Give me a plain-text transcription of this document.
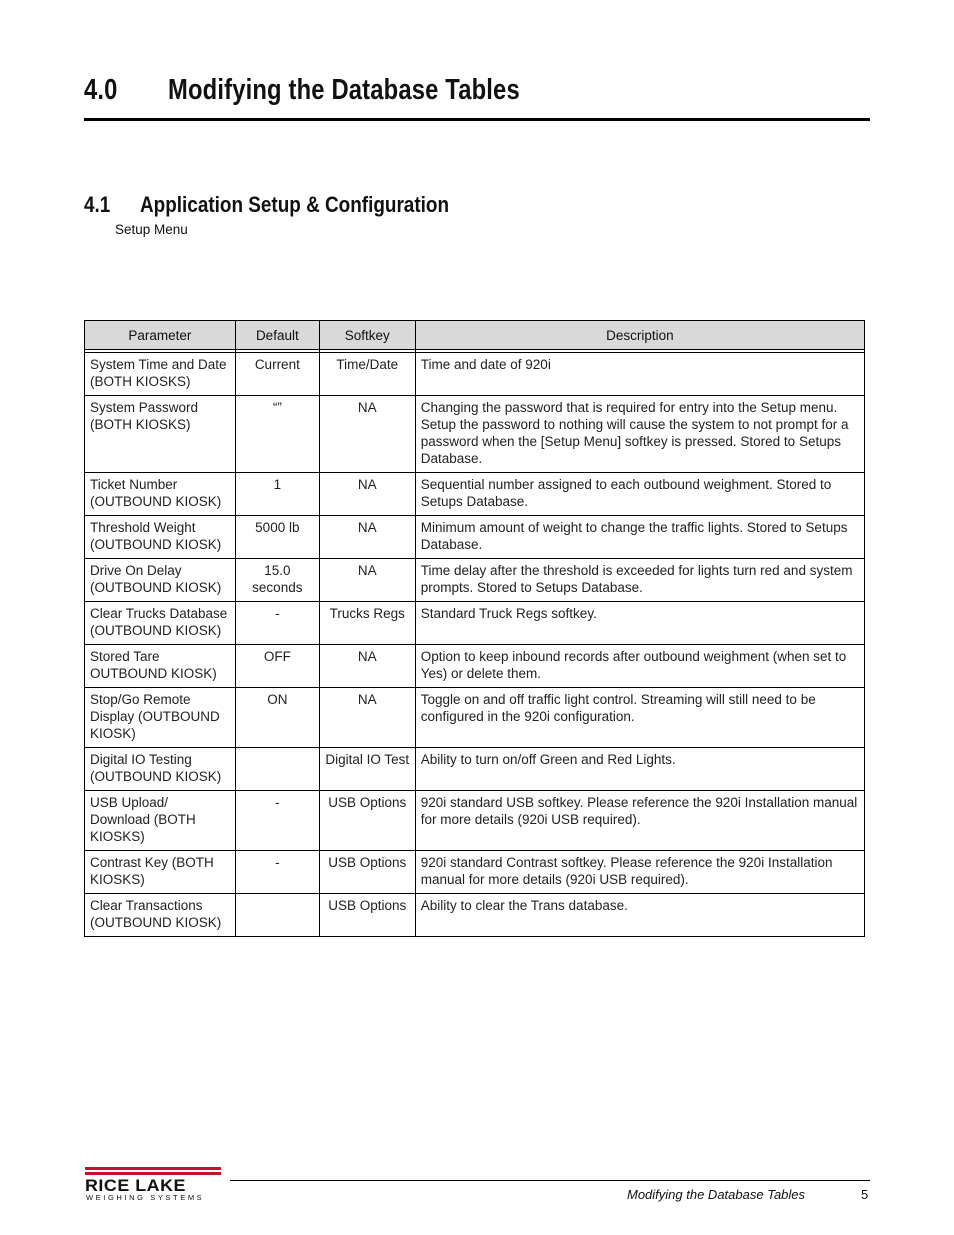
4.0 Modifying the Database Tables
4.1 Application Setup & Configuration
Setup Menu
Parameter	Default	Softkey	Description

System Time and Date (BOTH KIOSKS)	Current	Time/Date	Time and date of 920i
System Password (BOTH KIOSKS)	“”	NA	Changing the password that is required for entry into the Setup menu. Setup the password to nothing will cause the system to not prompt for a password when the [Setup Menu] softkey is pressed. Stored to Setups Database.
Ticket Number (OUTBOUND KIOSK)	1	NA	Sequential number assigned to each outbound weighment. Stored to Setups Database.
Threshold Weight (OUTBOUND KIOSK)	5000 lb	NA	Minimum amount of weight to change the traffic lights. Stored to Setups Database.
Drive On Delay (OUTBOUND KIOSK)	15.0 seconds	NA	Time delay after the threshold is exceeded for lights turn red and system prompts. Stored to Setups Database.
Clear Trucks Database (OUTBOUND KIOSK)	-	Trucks Regs	Standard Truck Regs softkey.
Stored Tare OUTBOUND KIOSK)	OFF	NA	Option to keep inbound records after outbound weighment (when set to Yes) or delete them.
Stop/Go Remote Display (OUTBOUND KIOSK)	ON	NA	Toggle on and off traffic light control. Streaming will still need to be configured in the 920i configuration.
Digital IO Testing (OUTBOUND KIOSK)		Digital IO Test	Ability to turn on/off Green and Red Lights.
USB Upload/ Download (BOTH KIOSKS)	-	USB Options	920i standard USB softkey. Please reference the 920i Installation manual for more details (920i USB required).
Contrast Key (BOTH KIOSKS)	-	USB Options	920i standard Contrast softkey. Please reference the 920i Installation manual for more details (920i USB required).
Clear Transactions (OUTBOUND KIOSK)		USB Options	Ability to clear the Trans database.
RICE LAKE
WEIGHING SYSTEMS	Modifying the Database Tables	5
